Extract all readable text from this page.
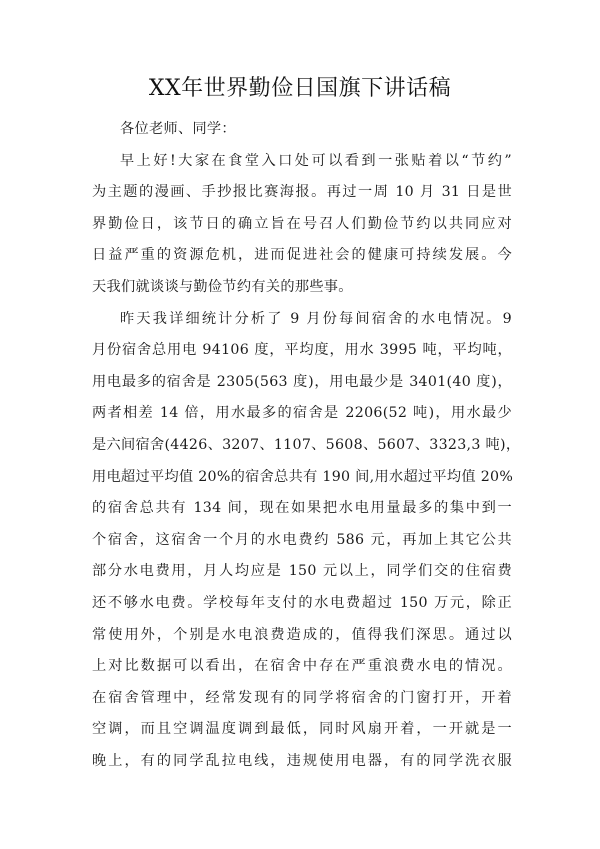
XX年世界勤俭日国旗下讲话稿
各位老师、同学：
早上好!大家在食堂入口处可以看到一张贴着以“节约”
为主题的漫画、手抄报比赛海报。再过一周 10 月 31 日是世
界勤俭日，该节日的确立旨在号召人们勤俭节约以共同应对
日益严重的资源危机，进而促进社会的健康可持续发展。今
天我们就谈谈与勤俭节约有关的那些事。
昨天我详细统计分析了 9 月份每间宿舍的水电情况。9
月份宿舍总用电 94106 度，平均度，用水 3995 吨，平均吨，
用电最多的宿舍是 2305(563 度)，用电最少是 3401(40 度)，
两者相差 14 倍，用水最多的宿舍是 2206(52 吨)，用水最少
是六间宿舍(4426、3207、1107、5608、5607、3323,3 吨)，
用电超过平均值 20%的宿舍总共有 190 间,用水超过平均值 20%
的宿舍总共有 134 间，现在如果把水电用量最多的集中到一
个宿舍，这宿舍一个月的水电费约 586 元，再加上其它公共
部分水电费用，月人均应是 150 元以上，同学们交的住宿费
还不够水电费。学校每年支付的水电费超过 150 万元，除正
常使用外，个别是水电浪费造成的，值得我们深思。通过以
上对比数据可以看出，在宿舍中存在严重浪费水电的情况。
在宿舍管理中，经常发现有的同学将宿舍的门窗打开，开着
空调，而且空调温度调到最低，同时风扇开着，一开就是一
晚上，有的同学乱拉电线，违规使用电器，有的同学洗衣服
